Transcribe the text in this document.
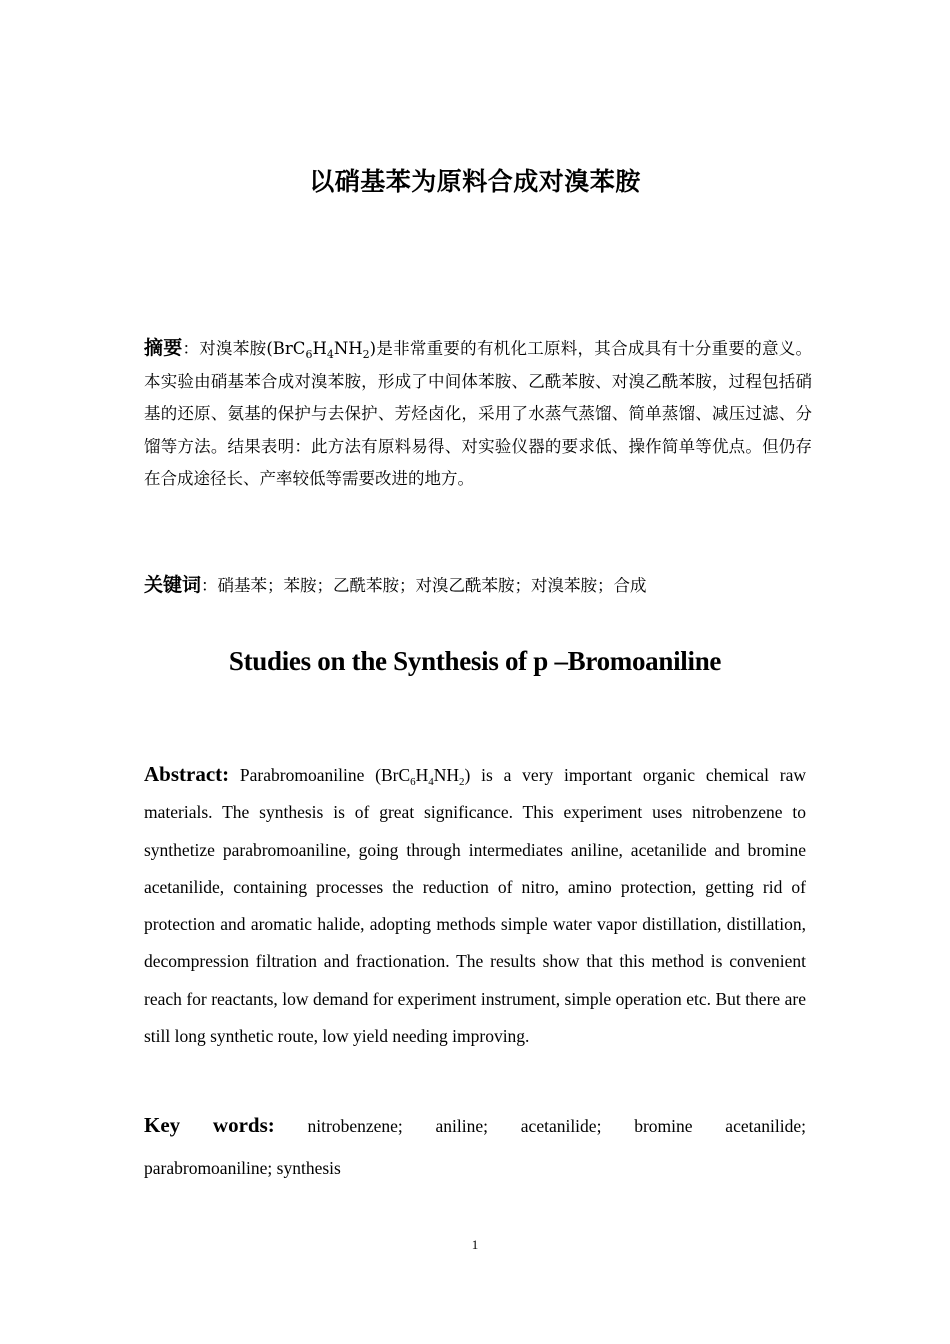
以硝基苯为原料合成对溴苯胺
摘要：对溴苯胺$(BrC_6H_4NH_2)$是非常重要的有机化工原料，其合成具有十分重要的意义。本实验由硝基苯合成对溴苯胺，形成了中间体苯胺、乙酰苯胺、对溴乙酰苯胺，过程包括硝基的还原、氨基的保护与去保护、芳烃卤化，采用了水蒸气蒸馏、简单蒸馏、减压过滤、分馏等方法。结果表明：此方法有原料易得、对实验仪器的要求低、操作简单等优点。但仍存在合成途径长、产率较低等需要改进的地方。
关键词：硝基苯；苯胺；乙酰苯胺；对溴乙酰苯胺；对溴苯胺；合成
Studies on the Synthesis of p –Bromoaniline
Abstract: Parabromoaniline $(BrC_6H_4NH_2)$ is a very important organic chemical raw materials. The synthesis is of great significance. This experiment uses nitrobenzene to synthetize parabromoaniline, going through intermediates aniline, acetanilide and bromine acetanilide, containing processes the reduction of nitro, amino protection, getting rid of protection and aromatic halide, adopting methods simple water vapor distillation, distillation, decompression filtration and fractionation. The results show that this method is convenient reach for reactants, low demand for experiment instrument, simple operation etc. But there are still long synthetic route, low yield needing improving.
Key words: nitrobenzene; aniline; acetanilide; bromine acetanilide;
parabromoaniline; synthesis
1
